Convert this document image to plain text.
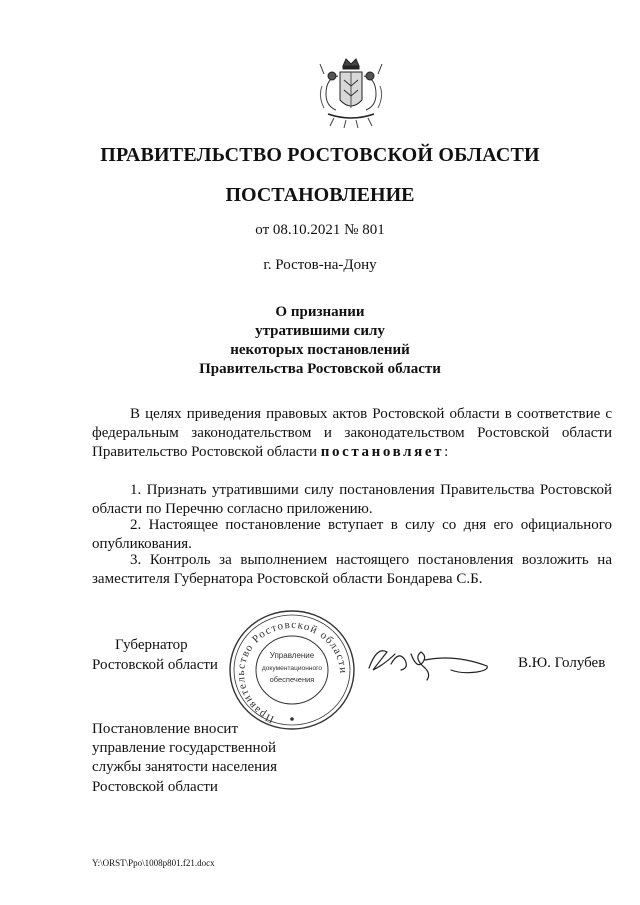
ПРАВИТЕЛЬСТВО РОСТОВСКОЙ ОБЛАСТИ
ПОСТАНОВЛЕНИЕ
от 08.10.2021 № 801
г. Ростов-на-Дону
О признании
утратившими силу
некоторых постановлений
Правительства Ростовской области
В целях приведения правовых актов Ростовской области в соответствие с федеральным законодательством и законодательством Ростовской области Правительство Ростовской области постановляет:
1. Признать утратившими силу постановления Правительства Ростовской области по Перечню согласно приложению.
2. Настоящее постановление вступает в силу со дня его официального опубликования.
3. Контроль за выполнением настоящего постановления возложить на заместителя Губернатора Ростовской области Бондарева С.Б.
Губернатор
Ростовской области
Правительство Ростовской области
Управление
документационного
обеспечения
В.Ю. Голубев
Постановление вносит
управление государственной
службы занятости населения
Ростовской области
Y:\ORST\Ppo\1008p801.f21.docx
